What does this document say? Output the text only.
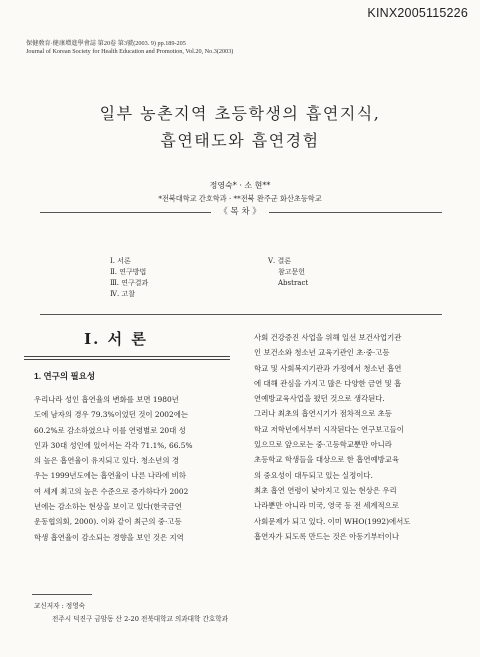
KINX2005115226
保健敎育·健康增進學會誌 第20卷 第3號(2003. 9) pp.189-205
Journal of Korean Society for Health Education and Promotion, Vol.20, No.3(2003)
일부 농촌지역 초등학생의 흡연지식,
흡연태도와 흡연경험
정영숙* · 소 현**
*전북대학교 간호학과 · **전북 완주군 화산초등학교
《 목 차 》
Ⅰ. 서론
Ⅱ. 연구방법
Ⅲ. 연구결과
Ⅳ. 고찰
Ⅴ. 결론
참고문헌
Abstract
Ⅰ. 서 론
1. 연구의 필요성
우리나라 성인 흡연율의 변화를 보면 1980년
도에 남자의 경우 79.3%이었던 것이 2002에는
60.2%로 감소하였으나 이를 연령별로 20대 성
인과 30대 성인에 있어서는 각각 71.1%, 66.5%
의 높은 흡연율이 유지되고 있다. 청소년의 경
우는 1999년도에는 흡연율이 나른 나라에 비하
여 세계 최고의 높은 수준으로 증가하다가 2002
년에는 감소하는 현상을 보이고 있다(한국금연
운동협의회, 2000). 이와 같이 최근의 중·고등
학생 흡연율이 감소되는 경향을 보인 것은 지역
사회 건강증진 사업을 위해 일선 보건사업기관
인 보건소와 청소년 교육기관인 초·중·고등
학교 및 사회복지기관과 가정에서 청소년 흡연
에 대해 관심을 가지고 많은 다양한 금연 및 흡
연예방교육사업을 폈던 것으로 생각된다.
그러나 최초의 흡연시기가 점차적으로 초등
학교 저학년에서부터 시작된다는 연구보고들이
있으므로 앞으로는 중·고등학교뿐만 아니라
초등학교 학생들을 대상으로 한 흡연예방교육
의 중요성이 대두되고 있는 실정이다.
최초 흡연 연령이 낮아지고 있는 현상은 우리
나라뿐만 아니라 미국, 영국 등 전 세계적으로
사회문제가 되고 있다. 이미 WHO(1992)에서도
흡연자가 되도록 만드는 것은 아동기부터이나
교신저자 : 정영숙
전주시 덕진구 금암동 산 2-20 전북대학교 의과대학 간호학과
